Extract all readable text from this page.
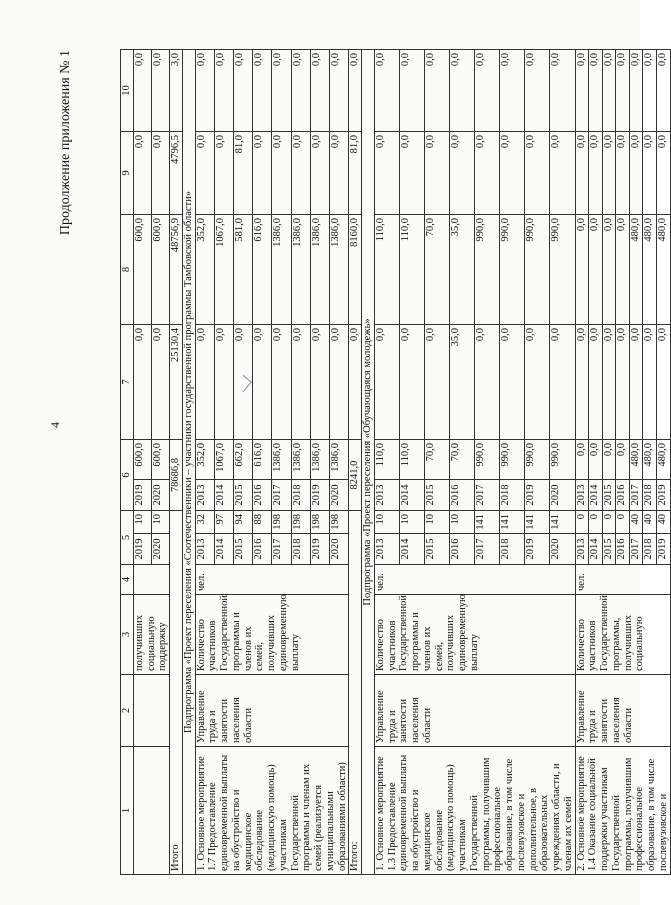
4
Продолжение приложения № 1
1	2	3	4	5		6		7	8	9	10
		получивших социальную поддержку		2019	10	2019	600,0	0,0	600,0	0,0	0,0
				2020	10	2020	600,0	0,0	600,0	0,0	0,0
Итого						78686,8		25130,4	48756,9	4796,5	3,0
Подпрограмма «Проект переселения «Соотечественники – участники государственной программы Тамбовской области»											
1. Основное мероприятие 1.7 Предоставление единовременной выплаты на обустройство и медицинское обследование (медицинскую помощь) участникам Государственной программы и членам их семей (реализуется муниципальными образованиями области)	Управление труда и занятости населения области	Количество участников Государственной программы и членов их семей, получивших единовременную выплату	чел.	2013	32	2013	352,0	0,0	352,0	0,0	0,0
				2014	97	2014	1067,0	0,0	1067,0	0,0	0,0
				2015	94	2015	662,0	0,0	581,0	81,0	0,0
				2016	88	2016	616,0	0,0	616,0	0,0	0,0
				2017	198	2017	1386,0	0,0	1386,0	0,0	0,0
				2018	198	2018	1386,0	0,0	1386,0	0,0	0,0
				2019	198	2019	1386,0	0,0	1386,0	0,0	0,0
				2020	198	2020	1386,0	0,0	1386,0	0,0	0,0
Итого:						8241,0		0,0	8160,0	81,0	0,0
Подпрограмма «Проект переселения «Обучающаяся молодежь»											
1. Основное мероприятие 1.3 Предоставление единовременной выплаты на обустройство и медицинское обследование (медицинскую помощь) участникам Государственной программы, получившим профессиональное образование, в том числе послевузовское и дополнительное, в образовательных учреждениях области, и членам их семей	Управление труда и занятости населения области	Количество участников Государственной программы и членов их семей, получивших единовременную выплату	чел.	2013	10	2013	110,0	0,0	110,0	0,0	0,0
				2014	10	2014	110,0	0,0	110,0	0,0	0,0
				2015	10	2015	70,0	0,0	70,0	0,0	0,0
				2016	10	2016	70,0	35,0	35,0	0,0	0,0
				2017	141	2017	990,0	0,0	990,0	0,0	0,0
				2018	141	2018	990,0	0,0	990,0	0,0	0,0
				2019	141	2019	990,0	0,0	990,0	0,0	0,0
				2020	141	2020	990,0	0,0	990,0	0,0	0,0
2. Основное мероприятие 1.4 Оказание социальной поддержки участникам Государственной программы, получившим профессиональное образование, в том числе послевузовское и	Управление труда и занятости населения области	Количество участников Государственной программы, получивших социальную	чел.	2013	0	2013	0,0	0,0	0,0	0,0	0,0
				2014	0	2014	0,0	0,0	0,0	0,0	0,0
				2015	0	2015	0,0	0,0	0,0	0,0	0,0
				2016	0	2016	0,0	0,0	0,0	0,0	0,0
				2017	40	2017	480,0	0,0	480,0	0,0	0,0
				2018	40	2018	480,0	0,0	480,0	0,0	0,0
				2019	40	2019	480,0	0,0	480,0	0,0	0,0
